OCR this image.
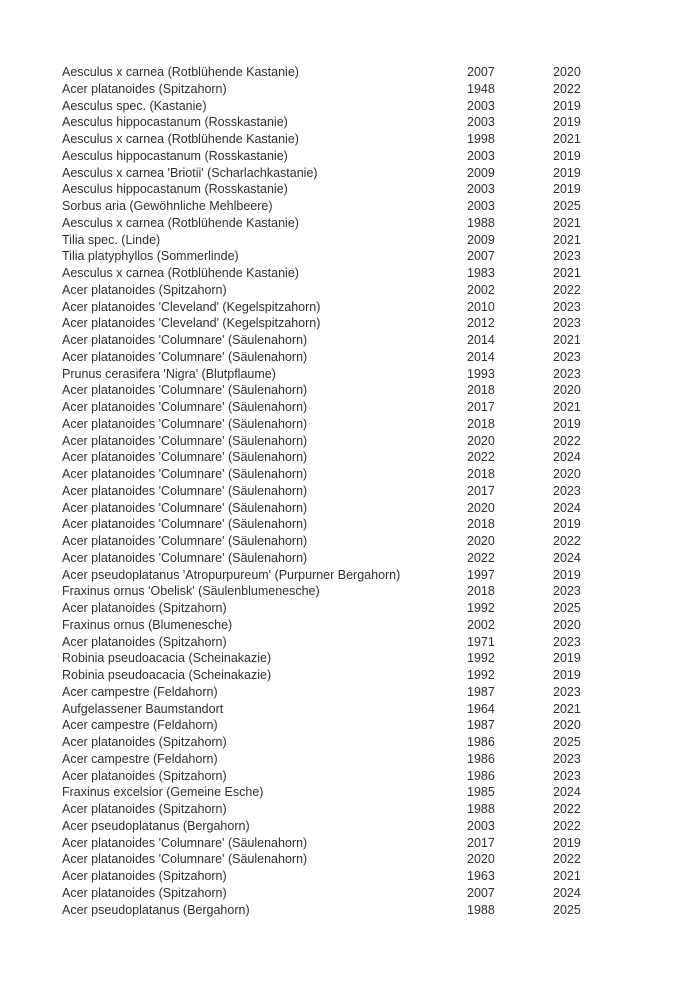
Aesculus x carnea (Rotblühende Kastanie)	2007	2020
Acer platanoides (Spitzahorn)	1948	2022
Aesculus spec. (Kastanie)	2003	2019
Aesculus hippocastanum (Rosskastanie)	2003	2019
Aesculus x carnea (Rotblühende Kastanie)	1998	2021
Aesculus hippocastanum (Rosskastanie)	2003	2019
Aesculus x carnea 'Briotii' (Scharlachkastanie)	2009	2019
Aesculus hippocastanum (Rosskastanie)	2003	2019
Sorbus aria (Gewöhnliche Mehlbeere)	2003	2025
Aesculus x carnea (Rotblühende Kastanie)	1988	2021
Tilia spec. (Linde)	2009	2021
Tilia platyphyllos (Sommerlinde)	2007	2023
Aesculus x carnea (Rotblühende Kastanie)	1983	2021
Acer platanoides (Spitzahorn)	2002	2022
Acer platanoides 'Cleveland' (Kegelspitzahorn)	2010	2023
Acer platanoides 'Cleveland' (Kegelspitzahorn)	2012	2023
Acer platanoides 'Columnare' (Säulenahorn)	2014	2021
Acer platanoides 'Columnare' (Säulenahorn)	2014	2023
Prunus cerasifera 'Nigra' (Blutpflaume)	1993	2023
Acer platanoides 'Columnare' (Säulenahorn)	2018	2020
Acer platanoides 'Columnare' (Säulenahorn)	2017	2021
Acer platanoides 'Columnare' (Säulenahorn)	2018	2019
Acer platanoides 'Columnare' (Säulenahorn)	2020	2022
Acer platanoides 'Columnare' (Säulenahorn)	2022	2024
Acer platanoides 'Columnare' (Säulenahorn)	2018	2020
Acer platanoides 'Columnare' (Säulenahorn)	2017	2023
Acer platanoides 'Columnare' (Säulenahorn)	2020	2024
Acer platanoides 'Columnare' (Säulenahorn)	2018	2019
Acer platanoides 'Columnare' (Säulenahorn)	2020	2022
Acer platanoides 'Columnare' (Säulenahorn)	2022	2024
Acer pseudoplatanus 'Atropurpureum' (Purpurner Bergahorn)	1997	2019
Fraxinus ornus 'Obelisk' (Säulenblumenesche)	2018	2023
Acer platanoides (Spitzahorn)	1992	2025
Fraxinus ornus (Blumenesche)	2002	2020
Acer platanoides (Spitzahorn)	1971	2023
Robinia pseudoacacia (Scheinakazie)	1992	2019
Robinia pseudoacacia (Scheinakazie)	1992	2019
Acer campestre (Feldahorn)	1987	2023
Aufgelassener Baumstandort	1964	2021
Acer campestre (Feldahorn)	1987	2020
Acer platanoides (Spitzahorn)	1986	2025
Acer campestre (Feldahorn)	1986	2023
Acer platanoides (Spitzahorn)	1986	2023
Fraxinus excelsior (Gemeine Esche)	1985	2024
Acer platanoides (Spitzahorn)	1988	2022
Acer pseudoplatanus (Bergahorn)	2003	2022
Acer platanoides 'Columnare' (Säulenahorn)	2017	2019
Acer platanoides 'Columnare' (Säulenahorn)	2020	2022
Acer platanoides (Spitzahorn)	1963	2021
Acer platanoides (Spitzahorn)	2007	2024
Acer pseudoplatanus (Bergahorn)	1988	2025
